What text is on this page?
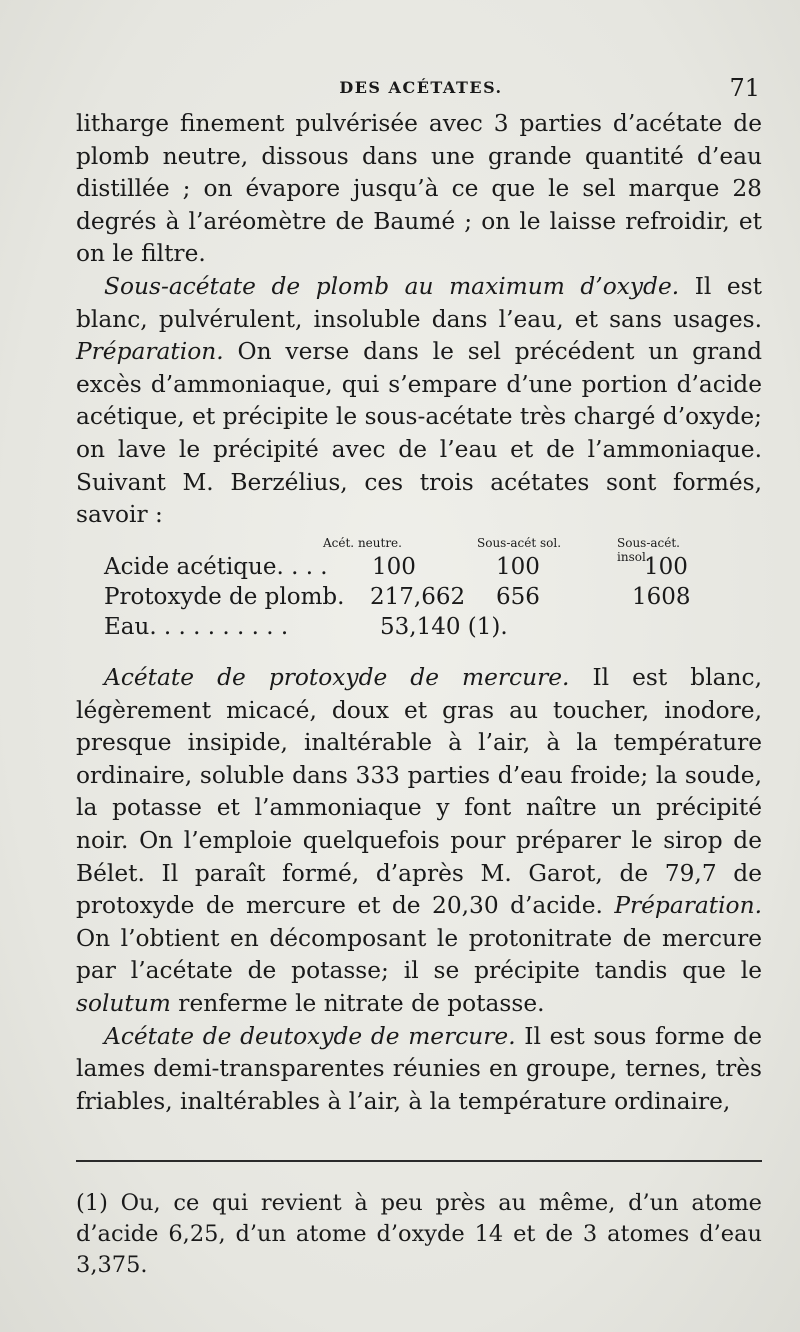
DES ACÉTATES.	71

litharge finement pulvérisée avec 3 parties d’acétate de plomb neutre, dissous dans une grande quantité d’eau distillée ; on évapore jusqu’à ce que le sel marque 28 degrés à l’aréomètre de Baumé ; on le laisse refroidir, et on le filtre.

Sous-acétate de plomb au maximum d’oxyde. Il est blanc, pulvérulent, insoluble dans l’eau, et sans usages. Préparation. On verse dans le sel précédent un grand excès d’ammoniaque, qui s’empare d’une portion d’acide acétique, et précipite le sous-acétate très chargé d’oxyde; on lave le précipité avec de l’eau et de l’ammoniaque. Suivant M. Berzélius, ces trois acétates sont formés, savoir :

Acét. neutre.	Sous-acét sol.	Sous-acét. insol.
Acide acétique. . . . 100	100	100
Protoxyde de plomb. 217,662 656	1608
Eau. . . . . . . . . .	53,140 (1).

Acétate de protoxyde de mercure. Il est blanc, légèrement micacé, doux et gras au toucher, inodore, presque insipide, inaltérable à l’air, à la température ordinaire, soluble dans 333 parties d’eau froide; la soude, la potasse et l’ammoniaque y font naître un précipité noir. On l’emploie quelquefois pour préparer le sirop de Bélet. Il paraît formé, d’après M. Garot, de 79,7 de protoxyde de mercure et de 20,30 d’acide. Préparation. On l’obtient en décomposant le protonitrate de mercure par l’acétate de potasse; il se précipite tandis que le solutum renferme le nitrate de potasse.

Acétate de deutoxyde de mercure. Il est sous forme de lames demi-transparentes réunies en groupe, ternes, très friables, inaltérables à l’air, à la température ordinaire,

(1) Ou, ce qui revient à peu près au même, d’un atome d’acide 6,25, d’un atome d’oxyde 14 et de 3 atomes d’eau 3,375.
